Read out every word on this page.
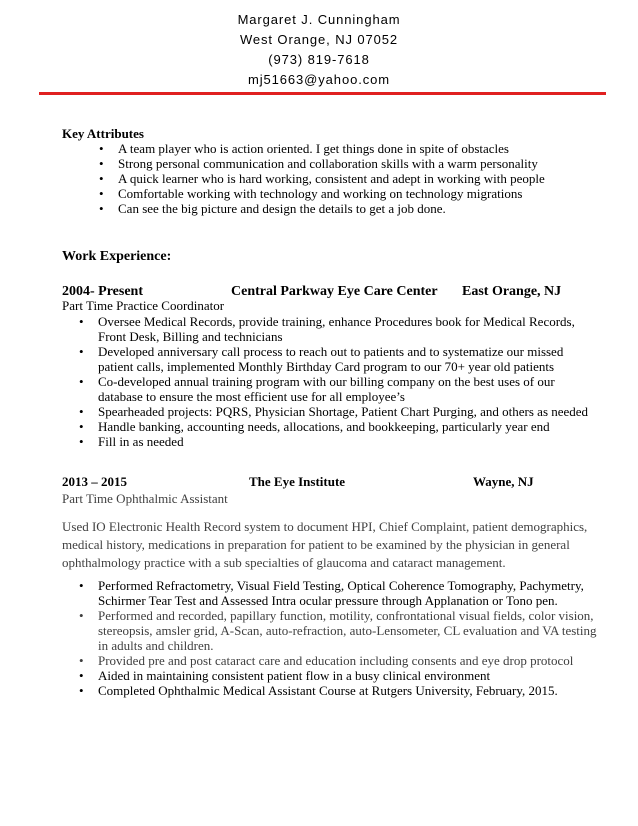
Margaret J. Cunningham
West Orange, NJ 07052
(973) 819-7618
mj51663@yahoo.com
Key Attributes
• A team player who is action oriented. I get things done in spite of obstacles
• Strong personal communication and collaboration skills with a warm personality
• A quick learner who is hard working, consistent and adept in working with people
• Comfortable working with technology and working on technology migrations
• Can see the big picture and design the details to get a job done.
Work Experience:
2004- Present	Central Parkway Eye Care Center East Orange, NJ
Part Time Practice Coordinator
• Oversee Medical Records, provide training, enhance Procedures book for Medical Records,
Front Desk, Billing and technicians
• Developed anniversary call process to reach out to patients and to systematize our missed
patient calls, implemented Monthly Birthday Card program to our 70+ year old patients
• Co-developed annual training program with our billing company on the best uses of our
database to ensure the most efficient use for all employee’s
• Spearheaded projects: PQRS, Physician Shortage, Patient Chart Purging, and others as needed
• Handle banking, accounting needs, allocations, and bookkeeping, particularly year end
• Fill in as needed
2013 – 2015	The Eye Institute	Wayne, NJ
Part Time Ophthalmic Assistant
Used IO Electronic Health Record system to document HPI, Chief Complaint, patient demographics,
medical history, medications in preparation for patient to be examined by the physician in general
ophthalmology practice with a sub specialties of glaucoma and cataract management.
• Performed Refractometry, Visual Field Testing, Optical Coherence Tomography, Pachymetry,
Schirmer Tear Test and Assessed Intra ocular pressure through Applanation or Tono pen.
• Performed and recorded, papillary function, motility, confrontational visual fields, color vision,
stereopsis, amsler grid, A-Scan, auto-refraction, auto-Lensometer, CL evaluation and VA testing
in adults and children.
• Provided pre and post cataract care and education including consents and eye drop protocol
• Aided in maintaining consistent patient flow in a busy clinical environment
• Completed Ophthalmic Medical Assistant Course at Rutgers University, February, 2015.
